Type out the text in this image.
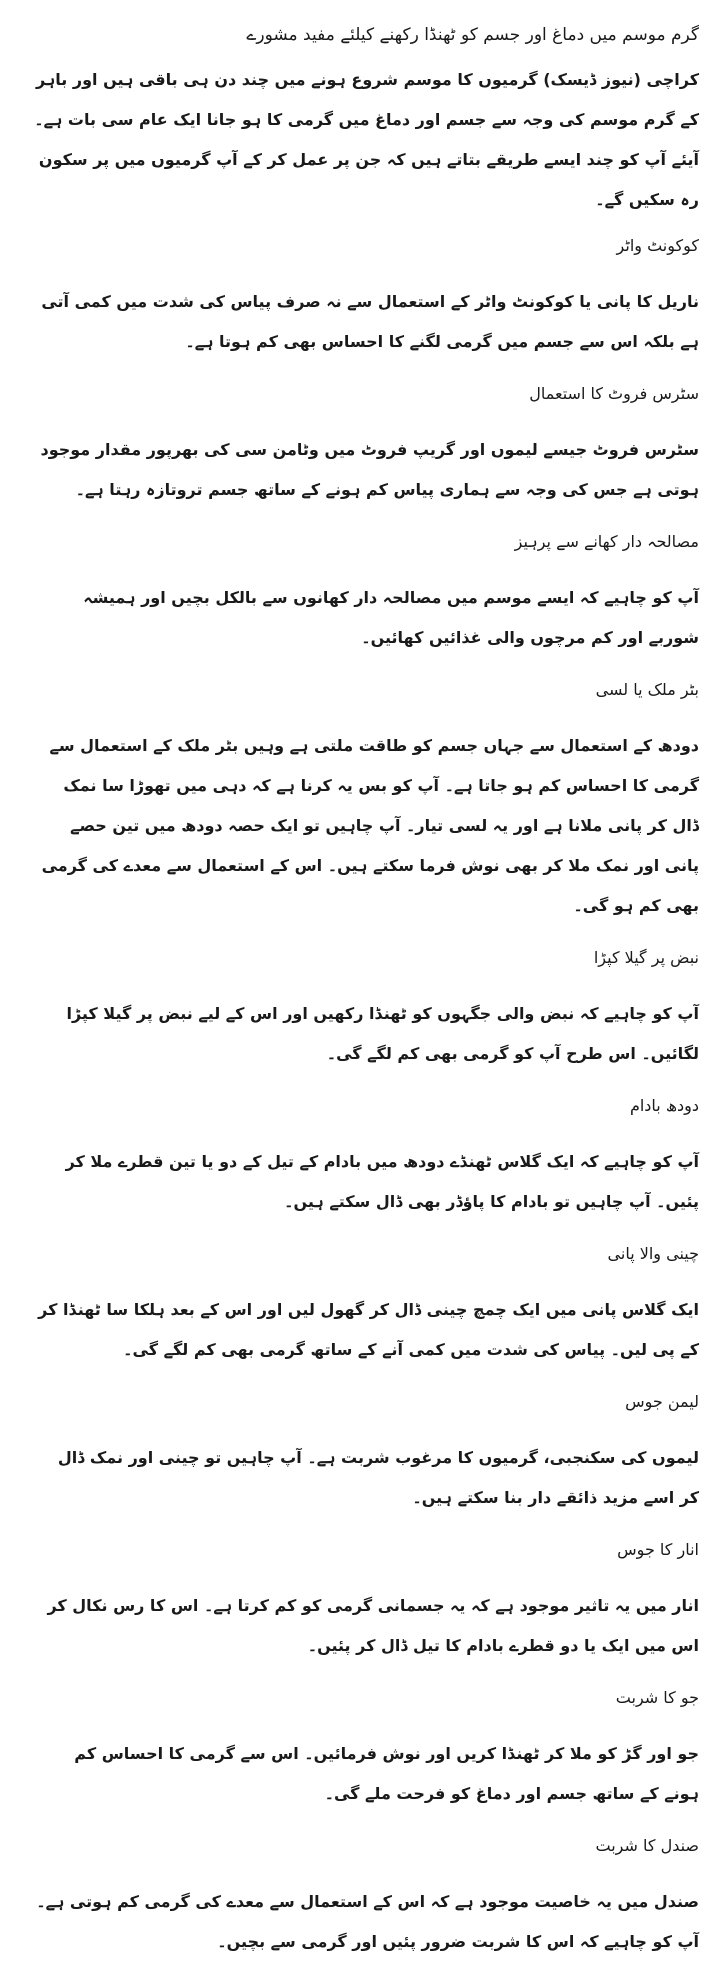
گرم موسم میں دماغ اور جسم کو ٹھنڈا رکھنے کیلئے مفید مشورے

کراچی (نیوز ڈیسک) گرمیوں کا موسم شروع ہونے میں چند دن ہی باقی ہیں اور باہر کے گرم موسم کی وجہ سے جسم اور دماغ میں گرمی کا ہو جانا ایک عام سی بات ہے۔ آیئے آپ کو چند ایسے طریقے بتاتے ہیں کہ جن پر عمل کر کے آپ گرمیوں میں پر سکون رہ سکیں گے۔

کوکونٹ واٹر

ناریل کا پانی یا کوکونٹ واٹر کے استعمال سے نہ صرف پیاس کی شدت میں کمی آتی ہے بلکہ اس سے جسم میں گرمی لگنے کا احساس بھی کم ہوتا ہے۔

سٹرس فروٹ کا استعمال

سٹرس فروٹ جیسے لیموں اور گریپ فروٹ میں وٹامن سی کی بھرپور مقدار موجود ہوتی ہے جس کی وجہ سے ہماری پیاس کم ہونے کے ساتھ جسم تروتازہ رہتا ہے۔

مصالحہ دار کھانے سے پرہیز

آپ کو چاہیے کہ ایسے موسم میں مصالحہ دار کھانوں سے بالکل بچیں اور ہمیشہ شوربے اور کم مرچوں والی غذائیں کھائیں۔

بٹر ملک یا لسی

دودھ کے استعمال سے جہاں جسم کو طاقت ملتی ہے وہیں بٹر ملک کے استعمال سے گرمی کا احساس کم ہو جاتا ہے۔ آپ کو بس یہ کرنا ہے کہ دہی میں تھوڑا سا نمک ڈال کر پانی ملانا ہے اور یہ لسی تیار۔ آپ چاہیں تو ایک حصہ دودھ میں تین حصے پانی اور نمک ملا کر بھی نوش فرما سکتے ہیں۔ اس کے استعمال سے معدے کی گرمی بھی کم ہو گی۔

نبض پر گیلا کپڑا

آپ کو چاہیے کہ نبض والی جگہوں کو ٹھنڈا رکھیں اور اس کے لیے نبض پر گیلا کپڑا لگائیں۔ اس طرح آپ کو گرمی بھی کم لگے گی۔

دودھ بادام

آپ کو چاہیے کہ ایک گلاس ٹھنڈے دودھ میں بادام کے تیل کے دو یا تین قطرے ملا کر پئیں۔ آپ چاہیں تو بادام کا پاؤڈر بھی ڈال سکتے ہیں۔

چینی والا پانی

ایک گلاس پانی میں ایک چمچ چینی ڈال کر گھول لیں اور اس کے بعد ہلکا سا ٹھنڈا کر کے پی لیں۔ پیاس کی شدت میں کمی آنے کے ساتھ گرمی بھی کم لگے گی۔

لیمن جوس

لیموں کی سکنجبی، گرمیوں کا مرغوب شربت ہے۔ آپ چاہیں تو چینی اور نمک ڈال کر اسے مزید ذائقے دار بنا سکتے ہیں۔

انار کا جوس

انار میں یہ تاثیر موجود ہے کہ یہ جسمانی گرمی کو کم کرتا ہے۔ اس کا رس نکال کر اس میں ایک یا دو قطرے بادام کا تیل ڈال کر پئیں۔

جو کا شربت

جو اور گڑ کو ملا کر ٹھنڈا کریں اور نوش فرمائیں۔ اس سے گرمی کا احساس کم ہونے کے ساتھ جسم اور دماغ کو فرحت ملے گی۔

صندل کا شربت

صندل میں یہ خاصیت موجود ہے کہ اس کے استعمال سے معدے کی گرمی کم ہوتی ہے۔ آپ کو چاہیے کہ اس کا شربت ضرور پئیں اور گرمی سے بچیں۔
